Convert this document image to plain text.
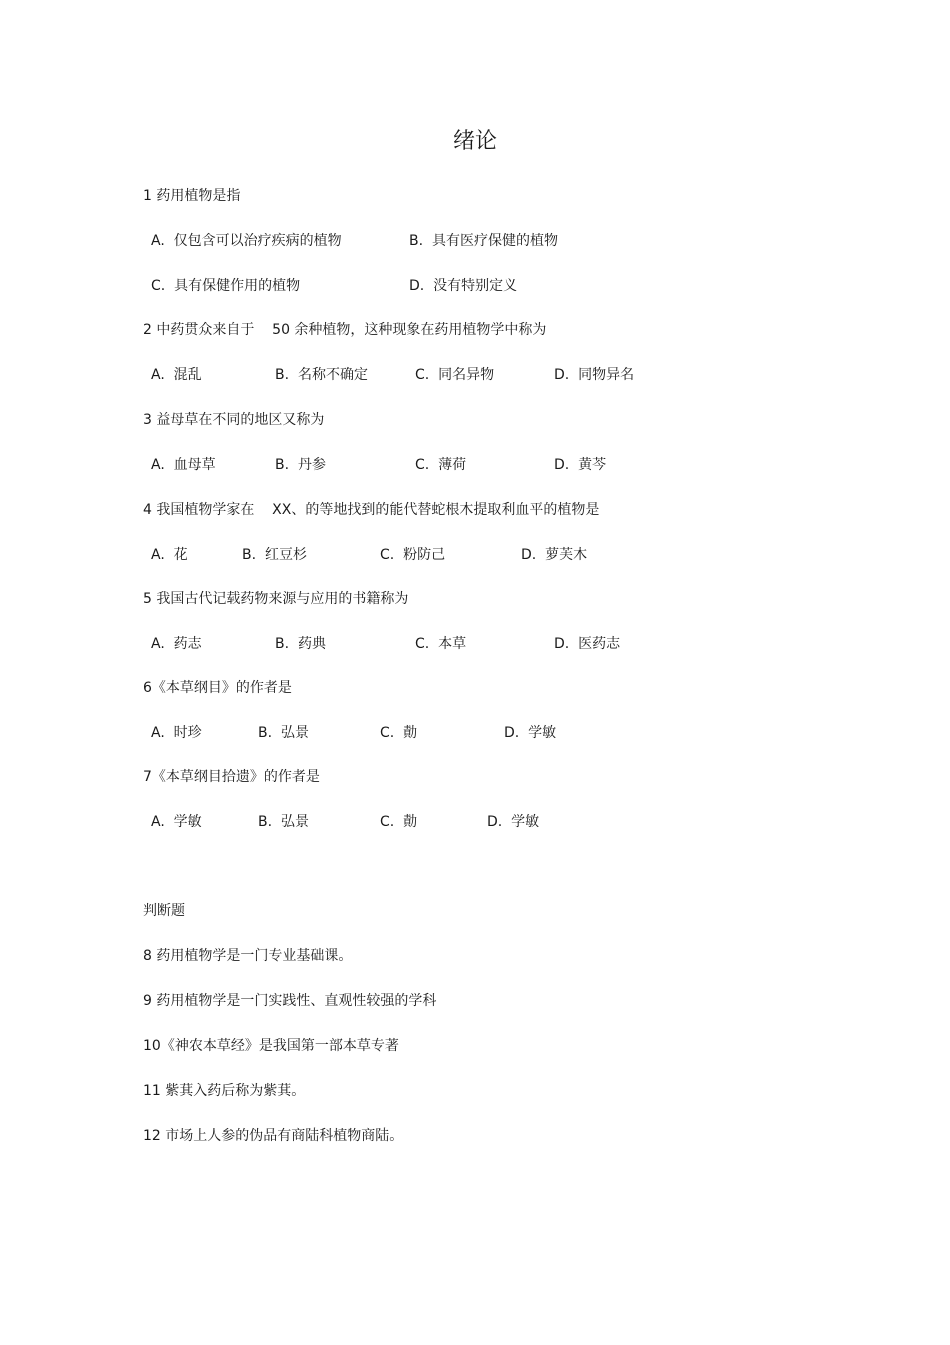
绪论
1 药用植物是指
A.  仅包含可以治疗疾病的植物	B.  具有医疗保健的植物
C.  具有保健作用的植物	D.  没有特别定义
2 中药贯众来自于    50 余种植物，这种现象在药用植物学中称为
A.  混乱	B.  名称不确定	C.  同名异物	D.  同物异名
3 益母草在不同的地区又称为
A.  血母草	B.  丹参	C.  薄荷	D.  黄芩
4 我国植物学家在    XX、的等地找到的能代替蛇根木提取利血平的植物是
A.  花	B.  红豆杉	C.  粉防己	D.  萝芙木
5 我国古代记载药物来源与应用的书籍称为
A.  药志	B.  药典	C.  本草	D.  医药志
6《本草纲目》的作者是
A.  时珍	B.  弘景	C.  勣	D.  学敏
7《本草纲目拾遗》的作者是
A.  学敏	B.  弘景	C.  勣	D.  学敏
判断题
8 药用植物学是一门专业基础课。
9 药用植物学是一门实践性、直观性较强的学科
10《神农本草经》是我国第一部本草专著
11 紫萁入药后称为紫萁。
12 市场上人参的伪品有商陆科植物商陆。
